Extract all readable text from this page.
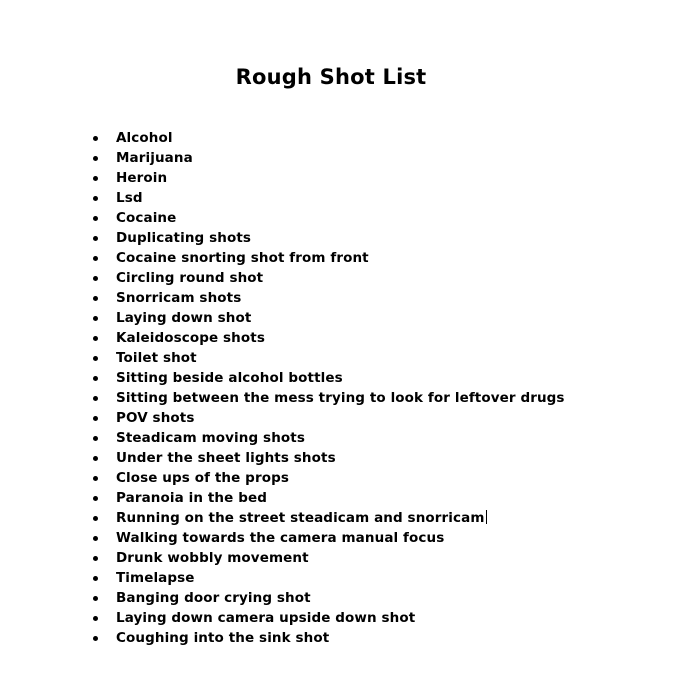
Rough Shot List
Alcohol
Marijuana
Heroin
Lsd
Cocaine
Duplicating shots
Cocaine snorting shot from front
Circling round shot
Snorricam shots
Laying down shot
Kaleidoscope shots
Toilet shot
Sitting beside alcohol bottles
Sitting between the mess trying to look for leftover drugs
POV shots
Steadicam moving shots
Under the sheet lights shots
Close ups of the props
Paranoia in the bed
Running on the street steadicam and snorricam
Walking towards the camera manual focus
Drunk wobbly movement
Timelapse
Banging door crying shot
Laying down camera upside down shot
Coughing into the sink shot
